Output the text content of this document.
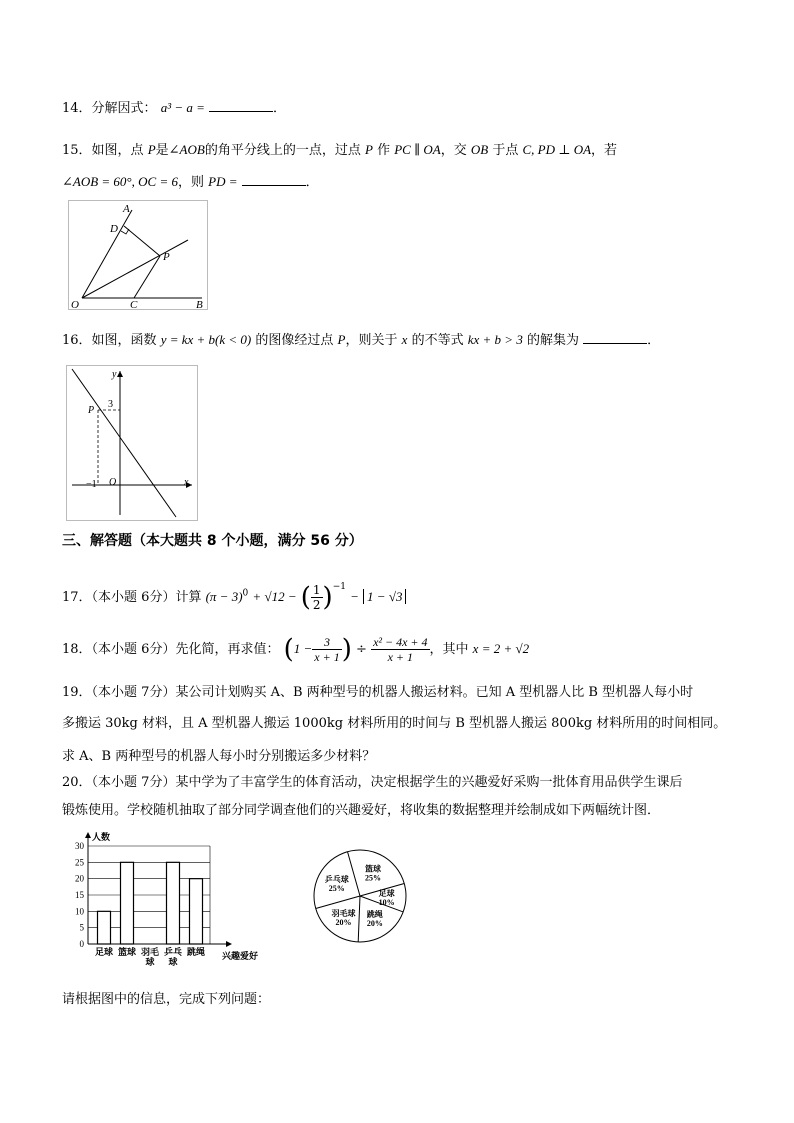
14．分解因式： a³ − a =	．
15．如图，点 P是∠AOB的角平分线上的一点，过点 P 作 PC ∥ OA，交 OB 于点 C, PD ⊥ OA，若
∠AOB = 60°, OC = 6，则 PD =	．
A
D
P
O	C	B
16．如图，函数 y = kx + b(k < 0) 的图像经过点 P，则关于 x 的不等式 kx + b > 3 的解集为	．
y
3
P
−1 O	x
三、解答题（本大题共 8 个小题，满分 56 分）
17．（本小题 6分）计算 $(\pi - 3)^0 + √12$ − ( $\frac{1}{2} )^{-1} - 1 - √3$
18．（本小题 6分）先化简，再求值： ($1 - \frac{3}{x + 1}$ ) ÷ $\frac{\text{x² − 4x + 4}}{x + 1}$ ，其中 x = 2 + √2
19．（本小题 7分）某公司计划购买 A、B 两种型号的机器人搬运材料。已知 A 型机器人比 B 型机器人每小时
多搬运 30kg 材料，且 A 型机器人搬运 1000kg 材料所用的时间与 B 型机器人搬运 800kg 材料所用的时间相同。
求 A、B 两种型号的机器人每小时分别搬运多少材料？
20．（本小题 7分）某中学为了丰富学生的体育活动，决定根据学生的兴趣爱好采购一批体育用品供学生课后
锻炼使用。学校随机抽取了部分同学调查他们的兴趣爱好，将收集的数据整理并绘制成如下两幅统计图．
0
5
10
15
20
25
30
人数
兴趣爱好
足球 篮球 羽毛
球
乒乓
球
跳绳
篮球
25%
足球
10%
跳绳
20%
羽毛球
20%
乒乓球
25%
请根据图中的信息，完成下列问题：
